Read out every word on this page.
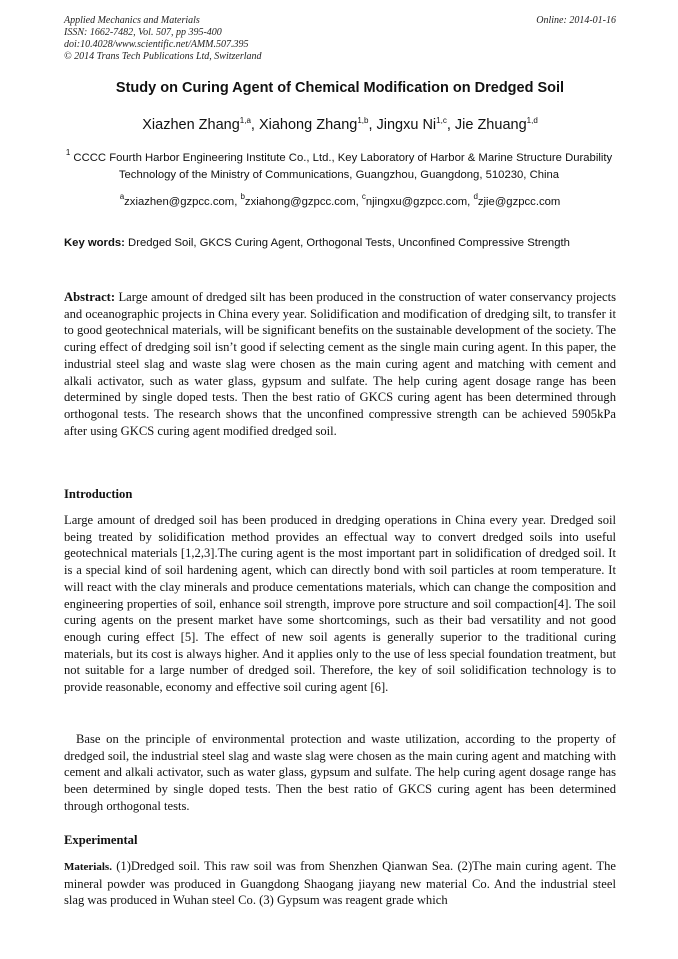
Applied Mechanics and Materials
ISSN: 1662-7482, Vol. 507, pp 395-400
doi:10.4028/www.scientific.net/AMM.507.395
© 2014 Trans Tech Publications Ltd, Switzerland
Online: 2014-01-16
Study on Curing Agent of Chemical Modification on Dredged Soil
Xiazhen Zhang$^{1,a}$, Xiahong Zhang$^{1,b}$, Jingxu Ni$^{1,c}$, Jie Zhuang$^{1,d}$
$^1$ CCCC Fourth Harbor Engineering Institute Co., Ltd., Key Laboratory of Harbor & Marine Structure Durability Technology of the Ministry of Communications, Guangzhou, Guangdong, 510230, China
$^a$zxiazhen@gzpcc.com, $^b$zxiahong@gzpcc.com, $^c$njingxu@gzpcc.com, $^d$zjie@gzpcc.com
Key words: Dredged Soil, GKCS Curing Agent, Orthogonal Tests, Unconfined Compressive Strength
Abstract: Large amount of dredged silt has been produced in the construction of water conservancy projects and oceanographic projects in China every year. Solidification and modification of dredging silt, to transfer it to good geotechnical materials, will be significant benefits on the sustainable development of the society. The curing effect of dredging soil isn’t good if selecting cement as the single main curing agent. In this paper, the industrial steel slag and waste slag were chosen as the main curing agent and matching with cement and alkali activator, such as water glass, gypsum and sulfate. The help curing agent dosage range has been determined by single doped tests. Then the best ratio of GKCS curing agent has been determined through orthogonal tests. The research shows that the unconfined compressive strength can be achieved 5905kPa after using GKCS curing agent modified dredged soil.
Introduction
Large amount of dredged soil has been produced in dredging operations in China every year. Dredged soil being treated by solidification method provides an effectual way to convert dredged soils into useful geotechnical materials [1,2,3].The curing agent is the most important part in solidification of dredged soil. It is a special kind of soil hardening agent, which can directly bond with soil particles at room temperature. It will react with the clay minerals and produce cementations materials, which can change the composition and engineering properties of soil, enhance soil strength, improve pore structure and soil compaction[4]. The soil curing agents on the present market have some shortcomings, such as their bad versatility and not good enough curing effect [5]. The effect of new soil agents is generally superior to the traditional curing materials, but its cost is always higher. And it applies only to the use of less special foundation treatment, but not suitable for a large number of dredged soil. Therefore, the key of soil solidification technology is to provide reasonable, economy and effective soil curing agent [6].
Base on the principle of environmental protection and waste utilization, according to the property of dredged soil, the industrial steel slag and waste slag were chosen as the main curing agent and matching with cement and alkali activator, such as water glass, gypsum and sulfate. The help curing agent dosage range has been determined by single doped tests. Then the best ratio of GKCS curing agent has been determined through orthogonal tests.
Experimental
Materials. (1)Dredged soil. This raw soil was from Shenzhen Qianwan Sea. (2)The main curing agent. The mineral powder was produced in Guangdong Shaogang jiayang new material Co. And the industrial steel slag was produced in Wuhan steel Co. (3) Gypsum was reagent grade which
